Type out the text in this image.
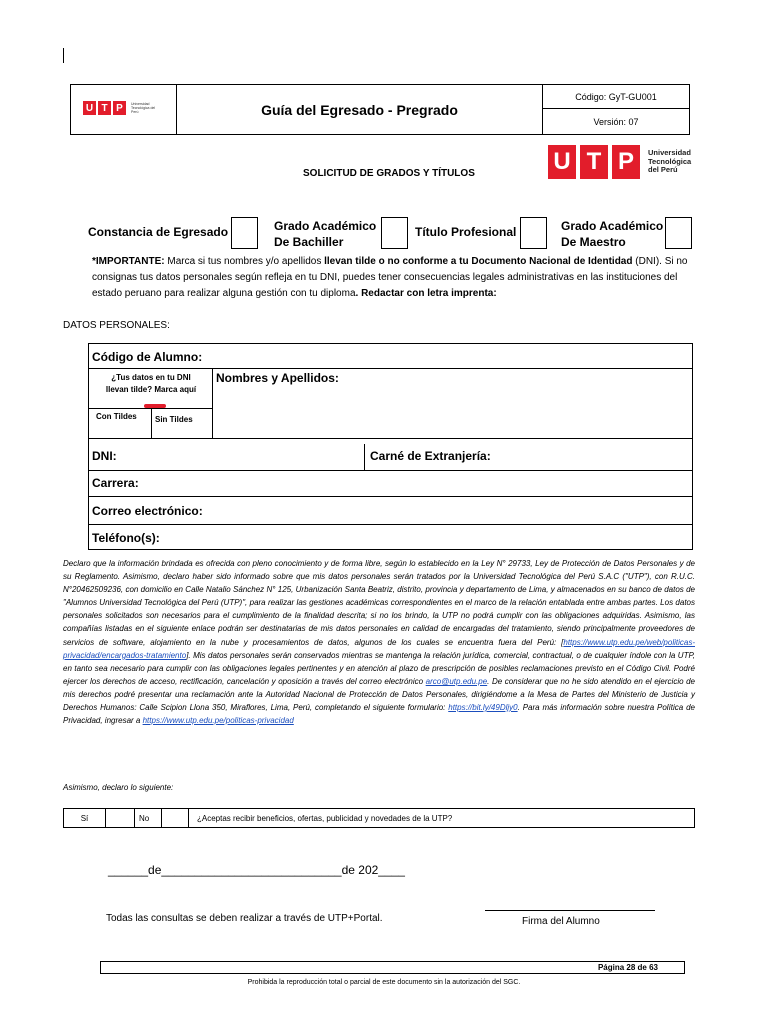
U T P	Universidad Tecnológica del Perú	Guía del Egresado - Pregrado
Código: GyT-GU001
Versión: 07
U T P	Universidad
Tecnológica
del Perú
SOLICITUD DE GRADOS Y TÍTULOS
Constancia de Egresado	Grado Académico
De Bachiller
Título Profesional	Grado Académico
De Maestro
*IMPORTANTE: Marca si tus nombres y/o apellidos llevan tilde o no conforme a tu Documento Nacional de Identidad (DNI). Si no consignas tus datos personales según refleja en tu DNI, puedes tener consecuencias legales administrativas en las instituciones del estado peruano para realizar alguna gestión con tu diploma. Redactar con letra imprenta:
DATOS PERSONALES:
Código de Alumno:
¿Tus datos en tu DNI
llevan tilde? Marca aquí
Con Tildes Sin Tildes
Nombres y Apellidos:
DNI:	Carné de Extranjería:
Carrera:
Correo electrónico:
Teléfono(s):
Declaro que la información brindada es ofrecida con pleno conocimiento y de forma libre, según lo establecido en la Ley N° 29733, Ley de Protección de Datos Personales y de su Reglamento. Asimismo, declaro haber sido informado sobre que mis datos personales serán tratados por la Universidad Tecnológica del Perú S.A.C ("UTP"), con R.U.C. N°20462509236, con domicilio en Calle Natalio Sánchez N° 125, Urbanización Santa Beatriz, distrito, provincia y departamento de Lima, y almacenados en su banco de datos de "Alumnos Universidad Tecnológica del Perú (UTP)", para realizar las gestiones académicas correspondientes en el marco de la relación entablada entre ambas partes. Los datos personales solicitados son necesarios para el cumplimiento de la finalidad descrita; si no los brindo, la UTP no podrá cumplir con las obligaciones adquiridas. Asimismo, las compañías listadas en el siguiente enlace podrán ser destinatarias de mis datos personales en calidad de encargadas del tratamiento, siendo principalmente proveedores de servicios de software, alojamiento en la nube y procesamientos de datos, algunos de los cuales se encuentra fuera del Perú: [https://www.utp.edu.pe/web/politicas-privacidad/encargados-tratamiento]. Mis datos personales serán conservados mientras se mantenga la relación jurídica, comercial, contractual, o de cualquier índole con la UTP, en tanto sea necesario para cumplir con las obligaciones legales pertinentes y en atención al plazo de prescripción de posibles reclamaciones previsto en el Código Civil. Podré ejercer los derechos de acceso, rectificación, cancelación y oposición a través del correo electrónico arco@utp.edu.pe. De considerar que no he sido atendido en el ejercicio de mis derechos podré presentar una reclamación ante la Autoridad Nacional de Protección de Datos Personales, dirigiéndome a la Mesa de Partes del Ministerio de Justicia y Derechos Humanos: Calle Scipion Llona 350, Miraflores, Lima, Perú, completando el siguiente formulario: https://bit.ly/49Dljy0. Para más información sobre nuestra Política de Privacidad, ingresar a https://www.utp.edu.pe/politicas-privacidad
Asimismo, declaro lo siguiente:
Sí	No	¿Aceptas recibir beneficios, ofertas, publicidad y novedades de la UTP?
______de___________________________de 202____
Todas las consultas se deben realizar a través de UTP+Portal.	Firma del Alumno
Página 28 de 63
Prohibida la reproducción total o parcial de este documento sin la autorización del SGC.
